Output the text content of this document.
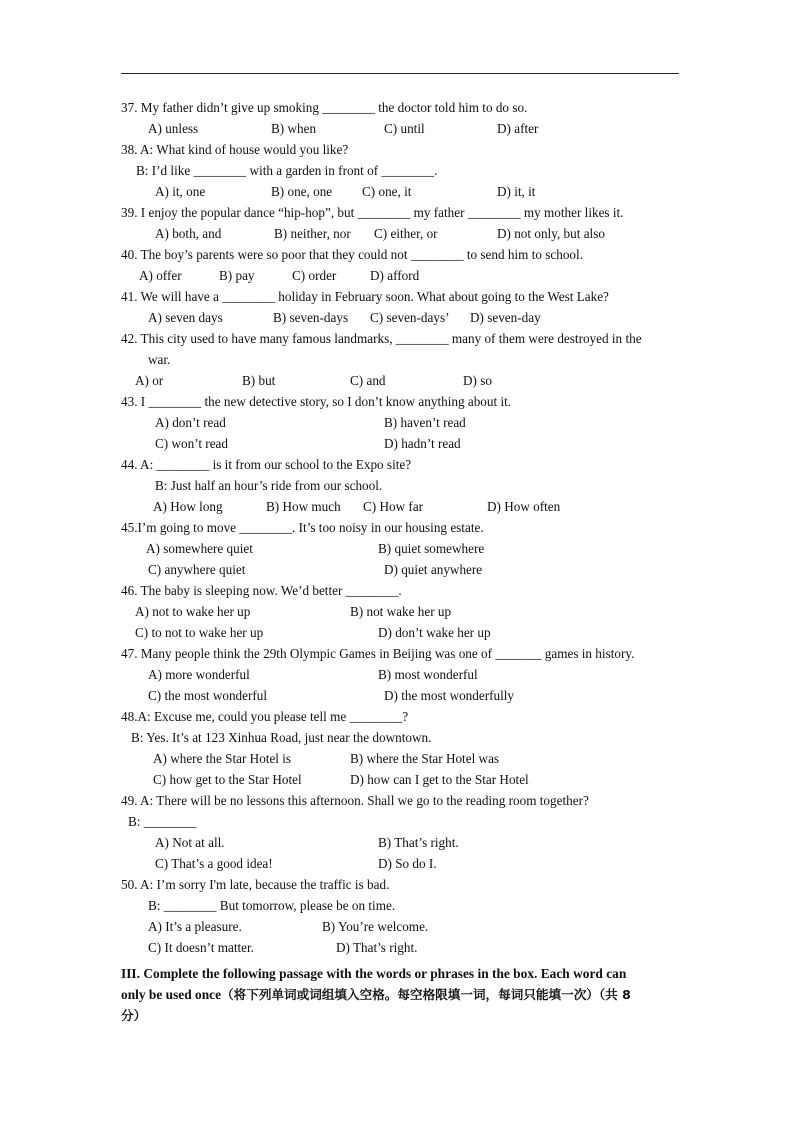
37. My father didn’t give up smoking ________ the doctor told him to do so.
A) unless	B) when	C) until	D) after
38. A: What kind of house would you like?
B: I’d like ________ with a garden in front of ________.
A) it, one	B) one, one C) one, it	D) it, it
39. I enjoy the popular dance “hip-hop”, but ________ my father ________ my mother likes it.
A) both, and	B) neither, nor C) either, or	D) not only, but also
40. The boy’s parents were so poor that they could not ________ to send him to school.
A) offer	B) pay	C) order	D) afford
41. We will have a ________ holiday in February soon. What about going to the West Lake?
A) seven days	B) seven-days C) seven-days’ D) seven-day
42. This city used to have many famous landmarks, ________ many of them were destroyed in the
war.
A) or	B) but	C) and	D) so
43. I ________ the new detective story, so I don’t know anything about it.
A) don’t read	B) haven’t read
C) won’t read	D) hadn’t read
44. A: ________ is it from our school to the Expo site?
B: Just half an hour’s ride from our school.
A) How long	B) How much C) How far	D) How often
45.I’m going to move ________. It’s too noisy in our housing estate.
A) somewhere quiet	B) quiet somewhere
C) anywhere quiet	D) quiet anywhere
46. The baby is sleeping now. We’d better ________.
A) not to wake her up	B) not wake her up
C) to not to wake her up	D) don’t wake her up
47. Many people think the 29th Olympic Games in Beijing was one of _______ games in history.
A) more wonderful	B) most wonderful
C) the most wonderful	D) the most wonderfully
48.A: Excuse me, could you please tell me ________?
B: Yes. It’s at 123 Xinhua Road, just near the downtown.
A) where the Star Hotel is	B) where the Star Hotel was
C) how get to the Star Hotel	D) how can I get to the Star Hotel
49. A: There will be no lessons this afternoon. Shall we go to the reading room together?
B: ________
A) Not at all.	B) That’s right.
C) That’s a good idea!	D) So do I.
50. A: I’m sorry I'm late, because the traffic is bad.
B: ________ But tomorrow, please be on time.
A) It’s a pleasure.	B) You’re welcome.
C) It doesn’t matter.	D) That’s right.
III. Complete the following passage with the words or phrases in the box. Each word can
only be used once（将下列单词或词组填入空格。每空格限填一词，每词只能填一次）（共 8
分）
